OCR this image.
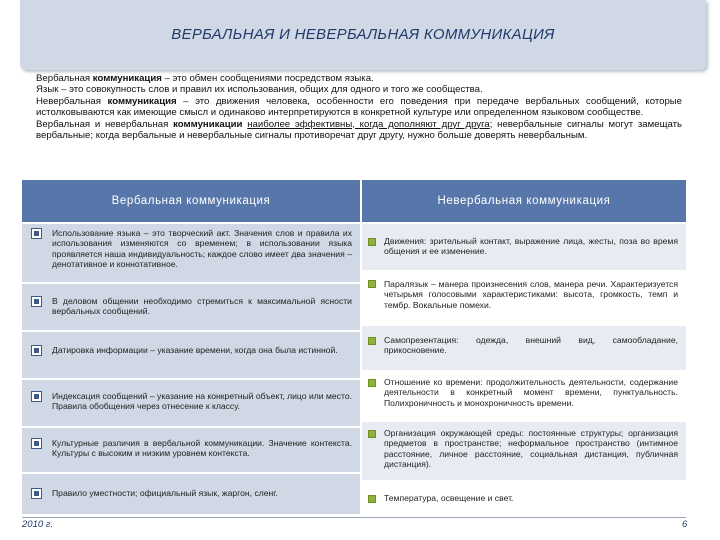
ВЕРБАЛЬНАЯ И НЕВЕРБАЛЬНАЯ КОММУНИКАЦИЯ

Вербальная коммуникация – это обмен сообщениями посредством языка.

Язык – это совокупность слов и правил их использования, общих для одного и того же сообщества.

Невербальная коммуникация – это движения человека, особенности его поведения при передаче вербальных сообщений, которые истолковываются как имеющие смысл и одинаково интерпретируются в конкретной культуре или определенном языковом сообществе.

Вербальная и невербальная коммуникации наиболее эффективны, когда дополняют друг друга; невербальные сигналы могут замещать вербальные; когда вербальные и невербальные сигналы противоречат друг другу, нужно больше доверять невербальным.

Вербальная коммуникация	Невербальная коммуникация
Использование языка – это творческий акт. Значения слов и правила их использования изменяются со временем; в использовании языка проявляется наша индивидуальность; каждое слово имеет два значения – денотативное и коннотативное.
В деловом общении необходимо стремиться к максимальной ясности вербальных сообщений.
Датировка информации – указание времени, когда она была истинной.
Индексация сообщений – указание на конкретный объект, лицо или место. Правила обобщения через отнесение к классу.
Культурные различия в вербальной коммуникации. Значение контекста. Культуры с высоким и низким уровнем контекста.
Правило уместности; официальный язык, жаргон, сленг.
Движения: зрительный контакт, выражение лица, жесты, поза во время общения и ее изменение.
Паралязык – манера произнесения слов, манера речи. Характеризуется четырьмя голосовыми характеристиками: высота, громкость, темп и тембр. Вокальные помехи.
Самопрезентация: одежда, внешний вид, самообладание, прикосновение.
Отношение ко времени: продолжительность деятельности, содержание деятельности в конкретный момент времени, пунктуальность. Полихроничность и монохроничность времени.
Организация окружающей среды: постоянные структуры; организация предметов в пространстве; неформальное пространство (интимное расстояние, личное расстояние, социальная дистанция, публичная дистанция).
Температура, освещение и свет.
2010 г.	6
